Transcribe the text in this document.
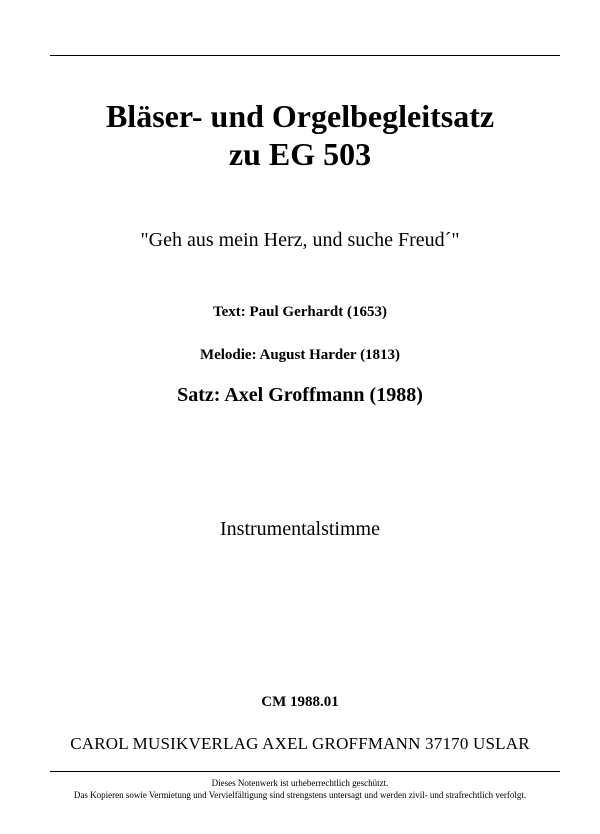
Bläser- und Orgelbegleitsatz
zu EG 503
"Geh aus mein Herz, und suche Freud´"
Text: Paul Gerhardt (1653)
Melodie: August Harder (1813)
Satz: Axel Groffmann (1988)
Instrumentalstimme
CM 1988.01
CAROL MUSIKVERLAG AXEL GROFFMANN 37170 USLAR
Dieses Notenwerk ist urheberrechtlich geschützt.
Das Kopieren sowie Vermietung und Vervielfältigung sind strengstens untersagt und werden zivil- und strafrechtlich verfolgt.
